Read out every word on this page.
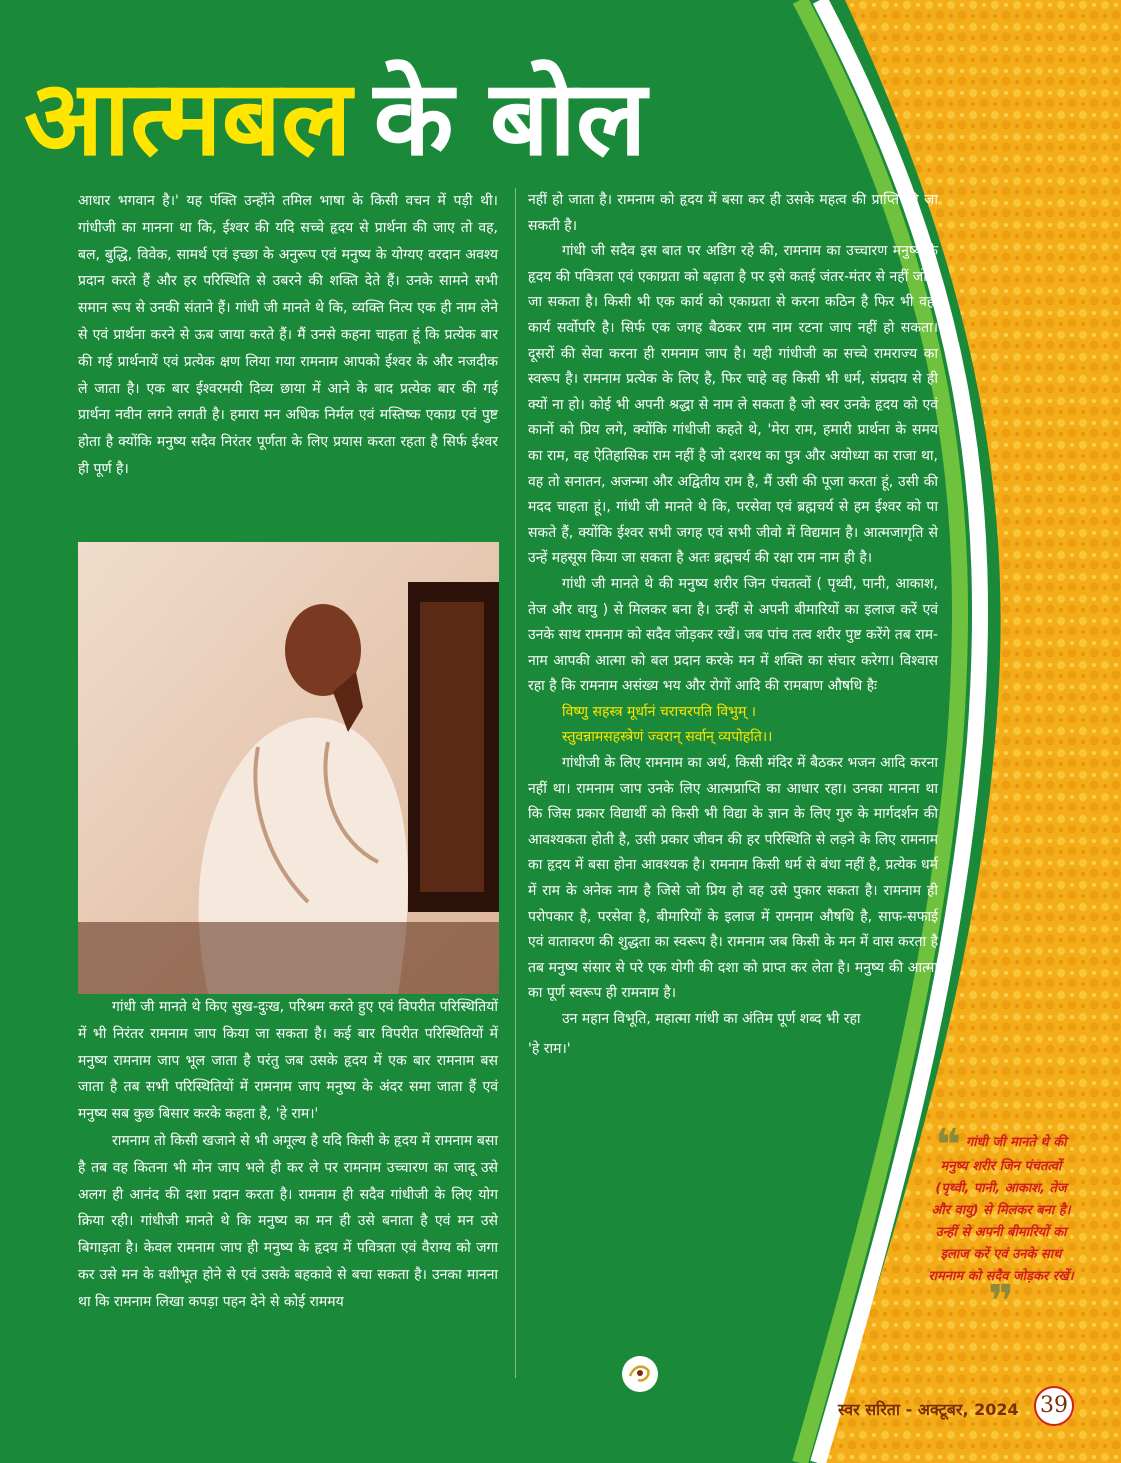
आत्मबल के बोल

आधार भगवान है।' यह पंक्ति उन्होंने तमिल भाषा के किसी वचन में पड़ी थी। गांधीजी का मानना था कि, ईश्वर की यदि सच्चे हृदय से प्रार्थना की जाए तो वह, बल, बुद्धि, विवेक, सामर्थ एवं इच्छा के अनुरूप एवं मनुष्य के योग्यए वरदान अवश्य प्रदान करते हैं और हर परिस्थिति से उबरने की शक्ति देते हैं। उनके सामने सभी समान रूप से उनकी संताने हैं। गांधी जी मानते थे कि, व्यक्ति नित्य एक ही नाम लेने से एवं प्रार्थना करने से ऊब जाया करते हैं। मैं उनसे कहना चाहता हूं कि प्रत्येक बार की गई प्रार्थनायें एवं प्रत्येक क्षण लिया गया रामनाम आपको ईश्वर के और नजदीक ले जाता है। एक बार ईश्वरमयी दिव्य छाया में आने के बाद प्रत्येक बार की गई प्रार्थना नवीन लगने लगती है। हमारा मन अधिक निर्मल एवं मस्तिष्क एकाग्र एवं पुष्ट होता है क्योंकि मनुष्य सदैव निरंतर पूर्णता के लिए प्रयास करता रहता है सिर्फ ईश्वर ही पूर्ण है।

गांधी जी मानते थे किए सुख-दुःख, परिश्रम करते हुए एवं विपरीत परिस्थितियों में भी निरंतर रामनाम जाप किया जा सकता है। कई बार विपरीत परिस्थितियों में मनुष्य रामनाम जाप भूल जाता है परंतु जब उसके हृदय में एक बार रामनाम बस जाता है तब सभी परिस्थितियों में रामनाम जाप मनुष्य के अंदर समा जाता हैं एवं मनुष्य सब कुछ बिसार करके कहता है, 'हे राम।'

रामनाम तो किसी खजाने से भी अमूल्य है यदि किसी के हृदय में रामनाम बसा है तब वह कितना भी मोन जाप भले ही कर ले पर रामनाम उच्चारण का जादू उसे अलग ही आनंद की दशा प्रदान करता है। रामनाम ही सदैव गांधीजी के लिए योग क्रिया रही। गांधीजी मानते थे कि मनुष्य का मन ही उसे बनाता है एवं मन उसे बिगाड़ता है। केवल रामनाम जाप ही मनुष्य के हृदय में पवित्रता एवं वैराग्य को जगा कर उसे मन के वशीभूत होने से एवं उसके बहकावे से बचा सकता है। उनका मानना था कि रामनाम लिखा कपड़ा पहन देने से कोई राममय

नहीं हो जाता है। रामनाम को हृदय में बसा कर ही उसके महत्व की प्राप्ति की जा सकती है।

गांधी जी सदैव इस बात पर अडिग रहे की, रामनाम का उच्चारण मनुष्य के हृदय की पवित्रता एवं एकाग्रता को बढ़ाता है पर इसे कतई जंतर-मंतर से नहीं जोड़ा जा सकता है। किसी भी एक कार्य को एकाग्रता से करना कठिन है फिर भी वहीं कार्य सर्वोपरि है। सिर्फ एक जगह बैठकर राम नाम रटना जाप नहीं हो सकता। दूसरों की सेवा करना ही रामनाम जाप है। यही गांधीजी का सच्चे रामराज्य का स्वरूप है। रामनाम प्रत्येक के लिए है, फिर चाहे वह किसी भी धर्म, संप्रदाय से ही क्यों ना हो। कोई भी अपनी श्रद्धा से नाम ले सकता है जो स्वर उनके हृदय को एवं कानों को प्रिय लगे, क्योंकि गांधीजी कहते थे, 'मेरा राम, हमारी प्रार्थना के समय का राम, वह ऐतिहासिक राम नहीं है जो दशरथ का पुत्र और अयोध्या का राजा था, वह तो सनातन, अजन्मा और अद्वितीय राम है, मैं उसी की पूजा करता हूं, उसी की मदद चाहता हूं।, गांधी जी मानते थे कि, परसेवा एवं ब्रह्मचर्य से हम ईश्वर को पा सकते हैं, क्योंकि ईश्वर सभी जगह एवं सभी जीवो में विद्यमान है। आत्मजागृति से उन्हें महसूस किया जा सकता है अतः ब्रह्मचर्य की रक्षा राम नाम ही है।

गांधी जी मानते थे की मनुष्य शरीर जिन पंचतत्वों ( पृथ्वी, पानी, आकाश, तेज और वायु ) से मिलकर बना है। उन्हीं से अपनी बीमारियों का इलाज करें एवं उनके साथ रामनाम को सदैव जोड़कर रखें। जब पांच तत्व शरीर पुष्ट करेंगे तब राम-नाम आपकी आत्मा को बल प्रदान करके मन में शक्ति का संचार करेगा। विश्वास रहा है कि रामनाम असंख्य भय और रोगों आदि की रामबाण औषधि हैः

विष्णु सहस्त्र मूर्धानं चराचरपति विभुम् ।

स्तुवन्नामसहस्त्रेणं ज्वरान् सर्वान् व्यपोहति।।

गांधीजी के लिए रामनाम का अर्थ, किसी मंदिर में बैठकर भजन आदि करना नहीं था। रामनाम जाप उनके लिए आत्मप्राप्ति का आधार रहा। उनका मानना था कि जिस प्रकार विद्यार्थी को किसी भी विद्या के ज्ञान के लिए गुरु के मार्गदर्शन की आवश्यकता होती है, उसी प्रकार जीवन की हर परिस्थिति से लड़ने के लिए रामनाम का हृदय में बसा होना आवश्यक है। रामनाम किसी धर्म से बंधा नहीं है, प्रत्येक धर्म में राम के अनेक नाम है जिसे जो प्रिय हो वह उसे पुकार सकता है। रामनाम ही परोपकार है, परसेवा है, बीमारियों के इलाज में रामनाम औषधि है, साफ-सफाई एवं वातावरण की शुद्धता का स्वरूप है। रामनाम जब किसी के मन में वास करता है तब मनुष्य संसार से परे एक योगी की दशा को प्राप्त कर लेता है। मनुष्य की आत्मा का पूर्ण स्वरूप ही रामनाम है।

उन महान विभूति, महात्मा गांधी का अंतिम पूर्ण शब्द भी रहा

'हे राम।'

❝ गांधी जी मानते थे की मनुष्य शरीर जिन पंचतत्वों (पृथ्वी, पानी, आकाश, तेज और वायु) से मिलकर बना है। उन्हीं से अपनी बीमारियों का इलाज करें एवं उनके साथ रामनाम को सदैव जोड़कर रखें। ❞
स्वर सरिता - अक्टूबर, 2024 39
